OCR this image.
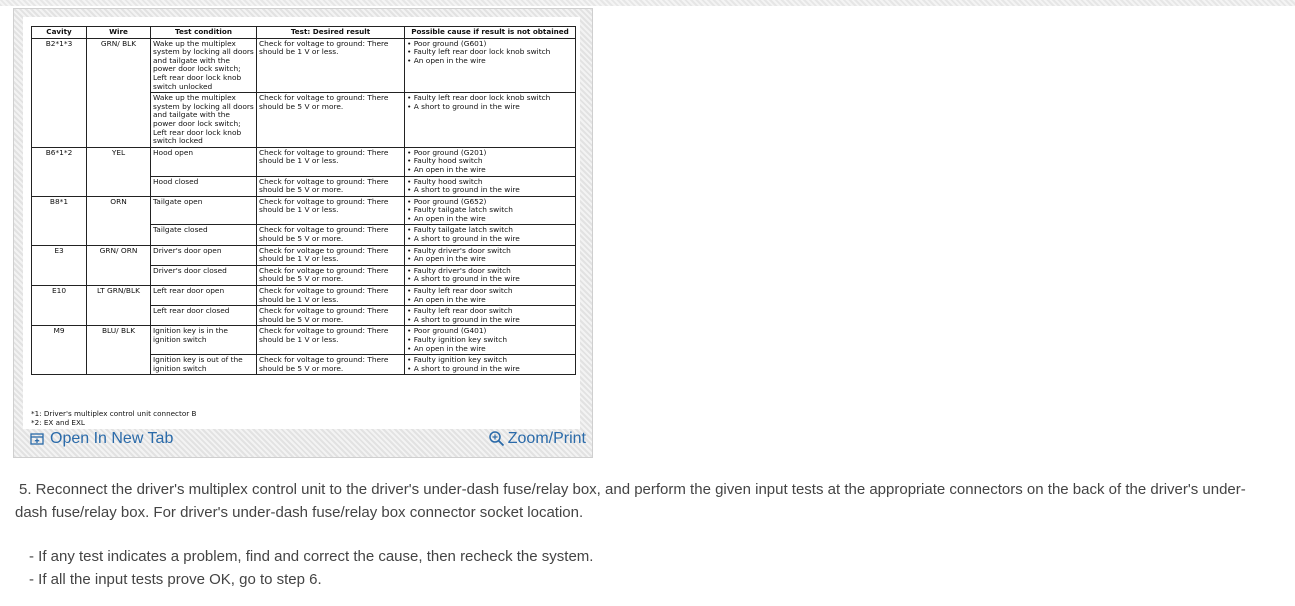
Cavity	Wire	Test condition	Test: Desired result	Possible cause if result is not obtained
B2*1*3	GRN/ BLK	Wake up the multiplex system by locking all doors and tailgate with the power door lock switch; Left rear door lock knob switch unlocked	Check for voltage to ground: There should be 1 V or less.	• Poor ground (G601)
• Faulty left rear door lock knob switch
• An open in the wire

		Wake up the multiplex system by locking all doors and tailgate with the power door lock switch; Left rear door lock knob switch locked	Check for voltage to ground: There should be 5 V or more.	• Faulty left rear door lock knob switch
• A short to ground in the wire

B6*1*2	YEL	Hood open	Check for voltage to ground: There should be 1 V or less.	• Poor ground (G201)
• Faulty hood switch
• An open in the wire

		Hood closed	Check for voltage to ground: There should be 5 V or more.	• Faulty hood switch
• A short to ground in the wire

B8*1	ORN	Tailgate open	Check for voltage to ground: There should be 1 V or less.	• Poor ground (G652)
• Faulty tailgate latch switch
• An open in the wire

		Tailgate closed	Check for voltage to ground: There should be 5 V or more.	• Faulty tailgate latch switch
• A short to ground in the wire

E3	GRN/ ORN	Driver's door open	Check for voltage to ground: There should be 1 V or less.	• Faulty driver's door switch
• An open in the wire

		Driver's door closed	Check for voltage to ground: There should be 5 V or more.	• Faulty driver's door switch
• A short to ground in the wire

E10	LT GRN/BLK	Left rear door open	Check for voltage to ground: There should be 1 V or less.	• Faulty left rear door switch
• An open in the wire

		Left rear door closed	Check for voltage to ground: There should be 5 V or more.	• Faulty left rear door switch
• A short to ground in the wire

M9	BLU/ BLK	Ignition key is in the ignition switch	Check for voltage to ground: There should be 1 V or less.	• Poor ground (G401)
• Faulty ignition key switch
• An open in the wire

		Ignition key is out of the ignition switch	Check for voltage to ground: There should be 5 V or more.	• Faulty ignition key switch
• A short to ground in the wire
*1: Driver's multiplex control unit connector B
*2: EX and EXL
Open In New Tab	Zoom/Print

5. Reconnect the driver's multiplex control unit to the driver's under-dash fuse/relay box, and perform the given input tests at the appropriate connectors on the back of the driver's under-dash fuse/relay box. For driver's under-dash fuse/relay box connector socket location.

- If any test indicates a problem, find and correct the cause, then recheck the system.
- If all the input tests prove OK, go to step 6.
